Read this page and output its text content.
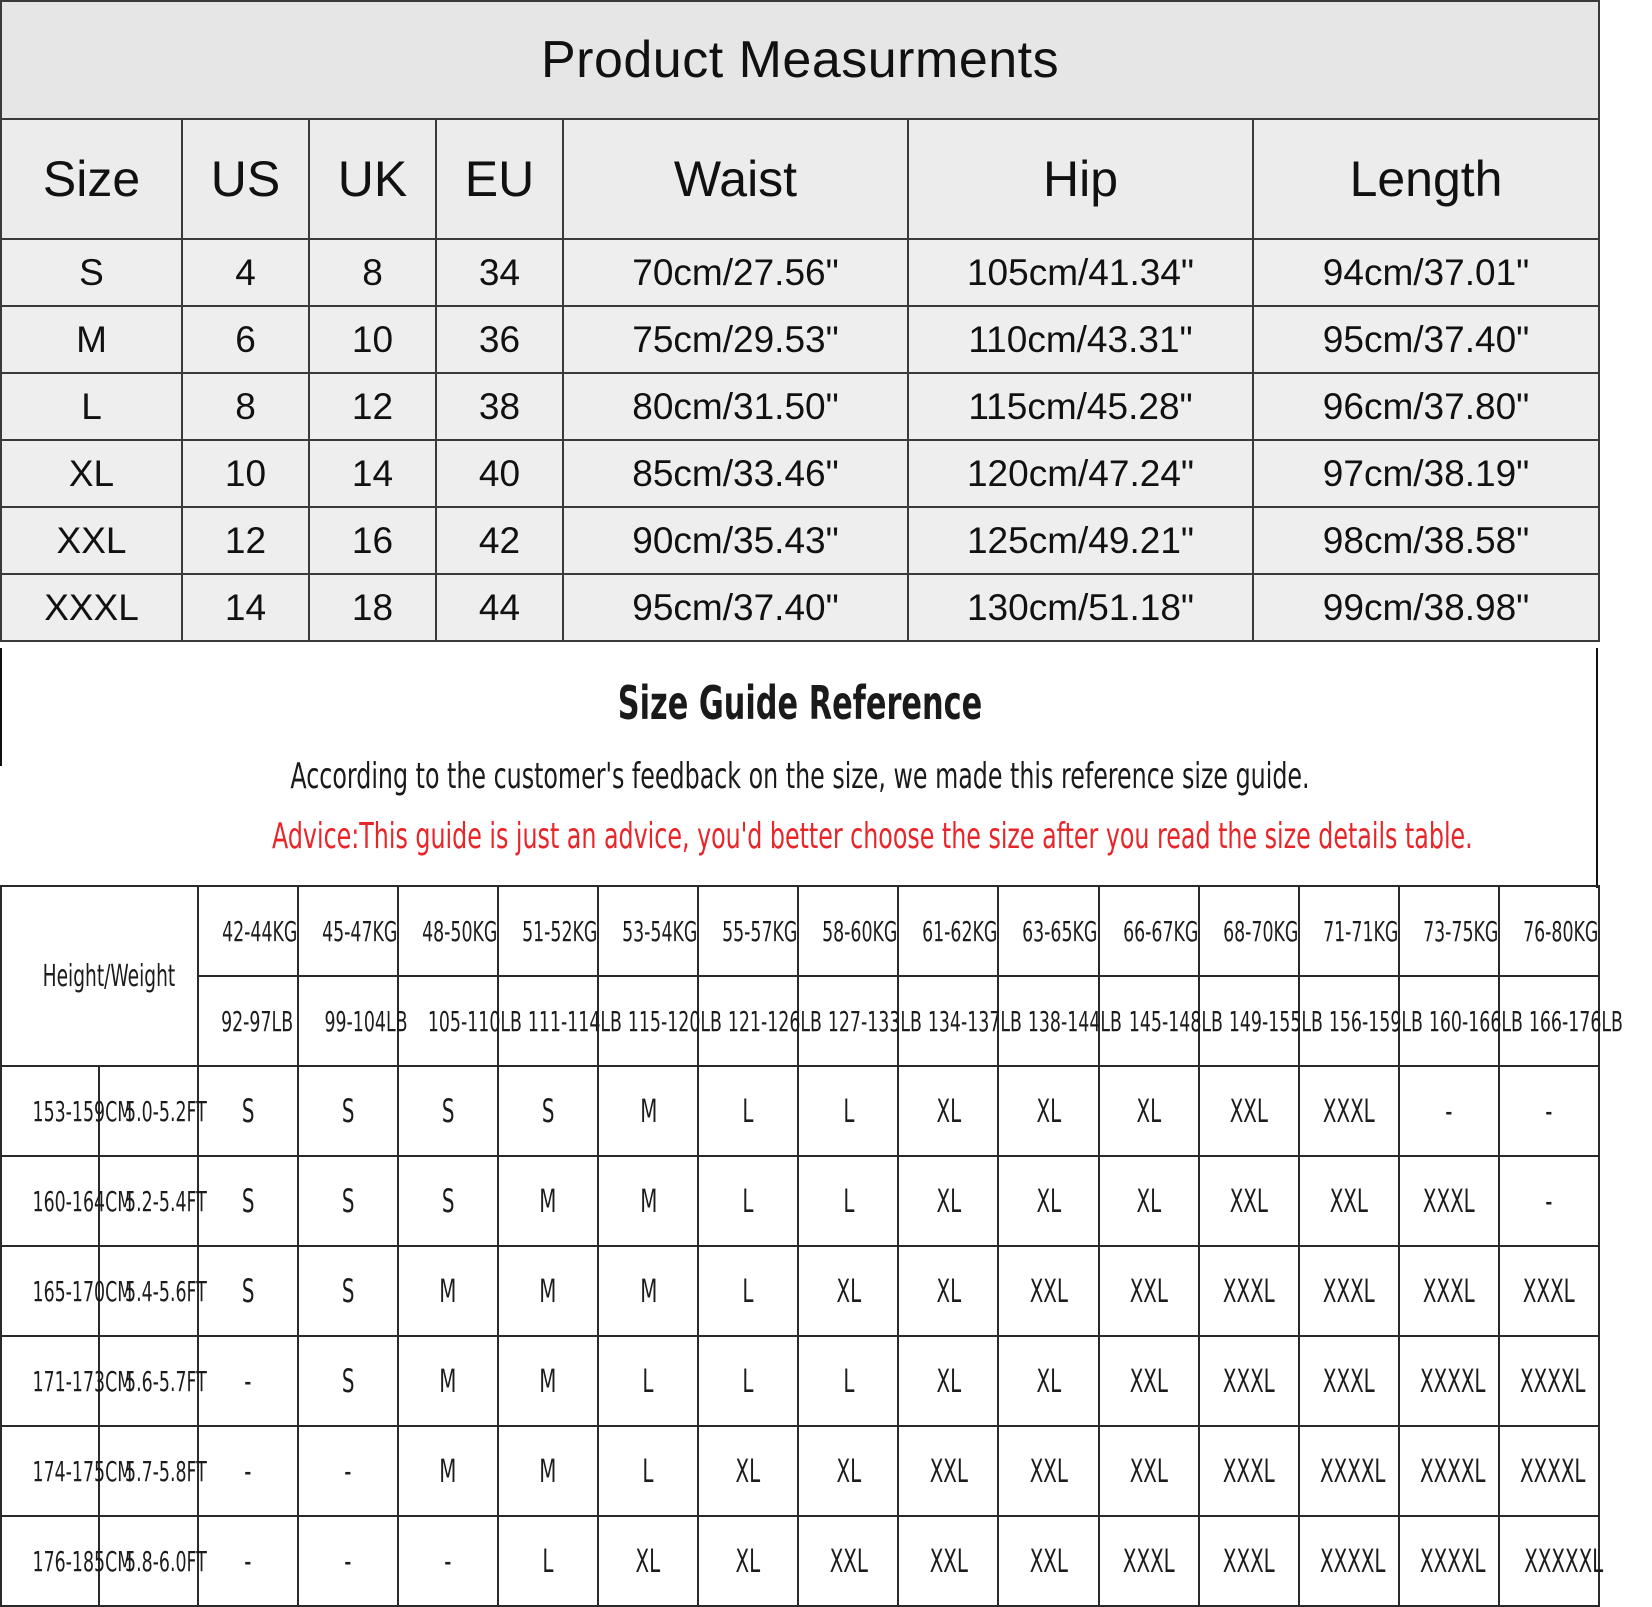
Product Measurments						
Size	US	UK	EU	Waist	Hip	Length
S	4	8	34	70cm/27.56"	105cm/41.34"	94cm/37.01"
M	6	10	36	75cm/29.53"	110cm/43.31"	95cm/37.40"
L	8	12	38	80cm/31.50"	115cm/45.28"	96cm/37.80"
XL	10	14	40	85cm/33.46"	120cm/47.24"	97cm/38.19"
XXL	12	16	42	90cm/35.43"	125cm/49.21"	98cm/38.58"
XXXL	14	18	44	95cm/37.40"	130cm/51.18"	99cm/38.98"
Size Guide Reference
According to the customer's feedback on the size, we made this reference size guide.
Advice:This guide is just an advice, you'd better choose the size after you read the size details table.
Height/Weight		42-44KG	45-47KG	48-50KG	51-52KG	53-54KG	55-57KG	58-60KG	61-62KG	63-65KG	66-67KG	68-70KG	71-71KG	73-75KG	76-80KG
		92-97LB	99-104LB	105-110LB	111-114LB	115-120LB	121-126LB	127-133LB	134-137LB	138-144LB	145-148LB	149-155LB	156-159LB	160-166LB	166-176LB
153-159CM	5.0-5.2FT	S	S	S	S	M	L	L	XL	XL	XL	XXL	XXXL	-	-
160-164CM	5.2-5.4FT	S	S	S	M	M	L	L	XL	XL	XL	XXL	XXL	XXXL	-
165-170CM	5.4-5.6FT	S	S	M	M	M	L	XL	XL	XXL	XXL	XXXL	XXXL	XXXL	XXXL
171-173CM	5.6-5.7FT	-	S	M	M	L	L	L	XL	XL	XXL	XXXL	XXXL	XXXXL	XXXXL
174-175CM	5.7-5.8FT	-	-	M	M	L	XL	XL	XXL	XXL	XXL	XXXL	XXXXL	XXXXL	XXXXL
176-185CM	5.8-6.0FT	-	-	-	L	XL	XL	XXL	XXL	XXL	XXXL	XXXL	XXXXL	XXXXL	XXXXXL
